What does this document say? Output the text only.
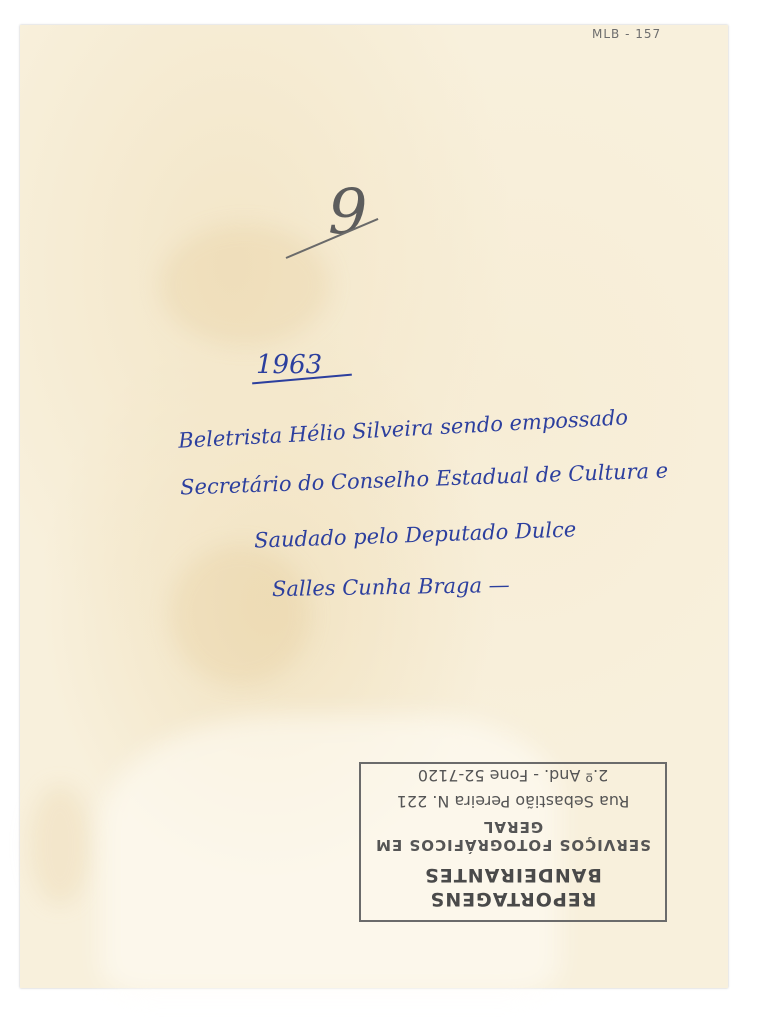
MLB - 157
9
1963
Beletrista Hélio Silveira sendo empossado
Secretário do Conselho Estadual de Cultura e
Saudado pelo Deputado Dulce
Salles Cunha Braga —
REPORTAGENS BANDEIRANTES
SERVIÇOS FOTOGRÁFICOS EM GERAL
Rua Sebastião Pereira N. 221
2.º And. - Fone 52-7120
